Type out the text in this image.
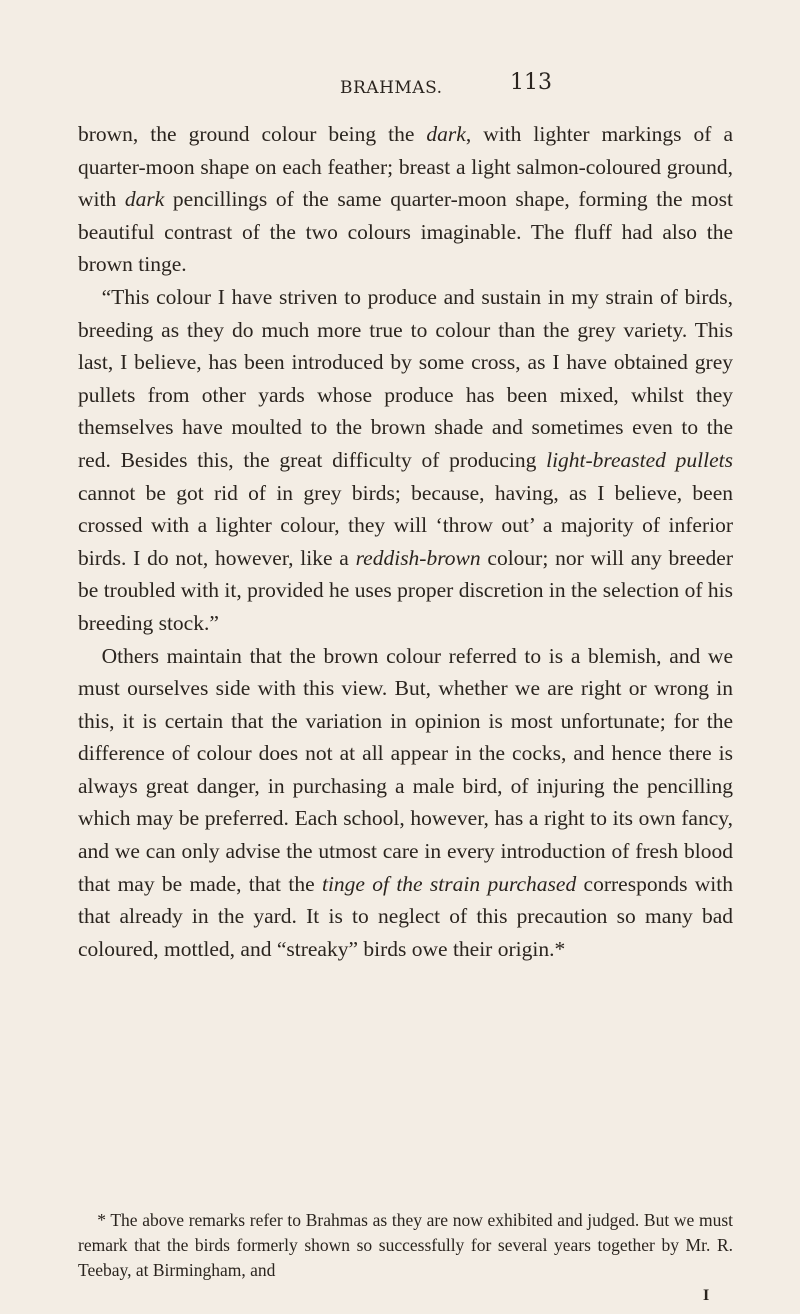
BRAHMAS.	113

brown, the ground colour being the dark, with lighter markings of a quarter-moon shape on each feather; breast a light salmon-coloured ground, with dark pencillings of the same quarter-moon shape, forming the most beautiful contrast of the two colours imaginable. The fluff had also the brown tinge.

“This colour I have striven to produce and sustain in my strain of birds, breeding as they do much more true to colour than the grey variety. This last, I believe, has been introduced by some cross, as I have obtained grey pullets from other yards whose produce has been mixed, whilst they themselves have moulted to the brown shade and sometimes even to the red. Besides this, the great difficulty of producing light-breasted pullets cannot be got rid of in grey birds; because, having, as I believe, been crossed with a lighter colour, they will ‘throw out’ a majority of inferior birds. I do not, however, like a reddish-brown colour; nor will any breeder be troubled with it, provided he uses proper discretion in the selection of his breeding stock.”

Others maintain that the brown colour referred to is a blemish, and we must ourselves side with this view. But, whether we are right or wrong in this, it is certain that the variation in opinion is most unfortunate; for the difference of colour does not at all appear in the cocks, and hence there is always great danger, in purchasing a male bird, of injuring the pencilling which may be preferred. Each school, however, has a right to its own fancy, and we can only advise the utmost care in every introduction of fresh blood that may be made, that the tinge of the strain purchased corresponds with that already in the yard. It is to neglect of this precaution so many bad coloured, mottled, and “streaky” birds owe their origin.*

* The above remarks refer to Brahmas as they are now exhibited and judged. But we must remark that the birds formerly shown so successfully for several years together by Mr. R. Teebay, at Birmingham, and

I
